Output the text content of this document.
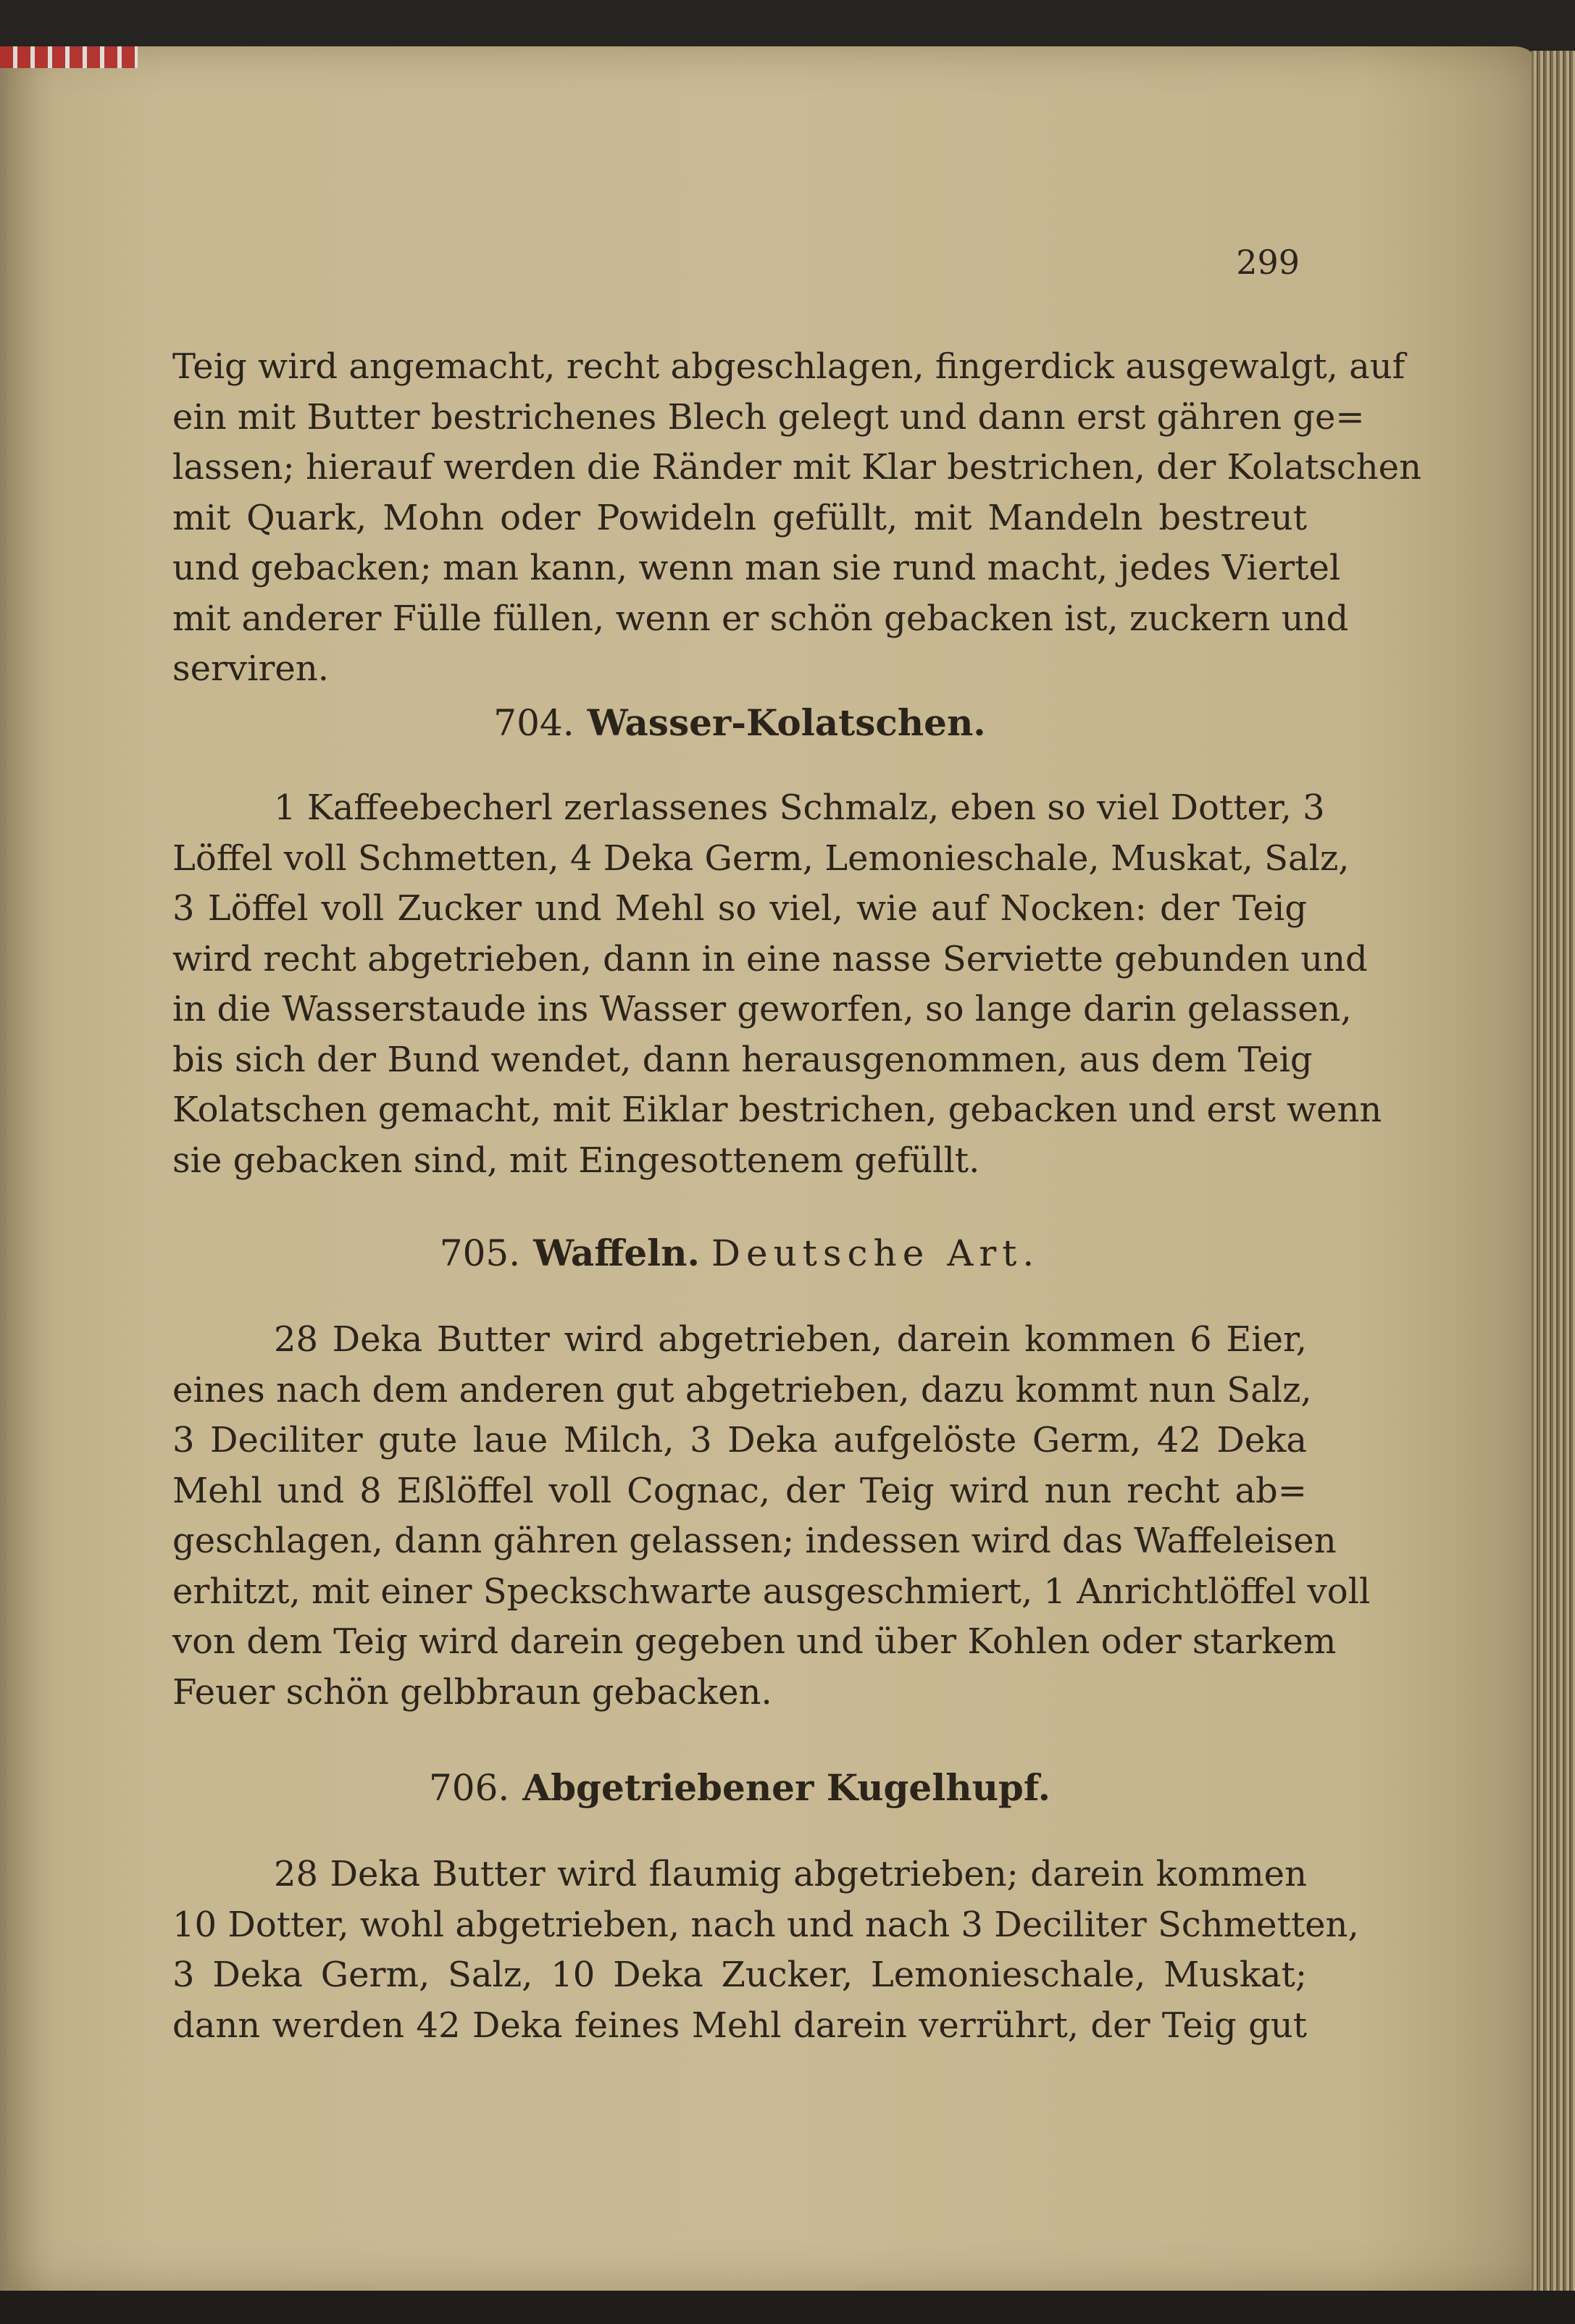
299
Teig wird angemacht, recht abgeschlagen, fingerdick ausgewalgt, auf
ein mit Butter bestrichenes Blech gelegt und dann erst gähren ge=
lassen; hierauf werden die Ränder mit Klar bestrichen, der Kolatschen
mit Quark, Mohn oder Powideln gefüllt, mit Mandeln bestreut
und gebacken; man kann, wenn man sie rund macht, jedes Viertel
mit anderer Fülle füllen, wenn er schön gebacken ist, zuckern und
serviren.
704. Wasser-Kolatschen.
1 Kaffeebecherl zerlassenes Schmalz, eben so viel Dotter, 3
Löffel voll Schmetten, 4 Deka Germ, Lemonieschale, Muskat, Salz,
3 Löffel voll Zucker und Mehl so viel, wie auf Nocken: der Teig
wird recht abgetrieben, dann in eine nasse Serviette gebunden und
in die Wasserstaude ins Wasser geworfen, so lange darin gelassen,
bis sich der Bund wendet, dann herausgenommen, aus dem Teig
Kolatschen gemacht, mit Eiklar bestrichen, gebacken und erst wenn
sie gebacken sind, mit Eingesottenem gefüllt.
705. Waffeln. Deutsche Art.
28 Deka Butter wird abgetrieben, darein kommen 6 Eier,
eines nach dem anderen gut abgetrieben, dazu kommt nun Salz,
3 Deciliter gute laue Milch, 3 Deka aufgelöste Germ, 42 Deka
Mehl und 8 Eßlöffel voll Cognac, der Teig wird nun recht ab=
geschlagen, dann gähren gelassen; indessen wird das Waffeleisen
erhitzt, mit einer Speckschwarte ausgeschmiert, 1 Anrichtlöffel voll
von dem Teig wird darein gegeben und über Kohlen oder starkem
Feuer schön gelbbraun gebacken.
706. Abgetriebener Kugelhupf.
28 Deka Butter wird flaumig abgetrieben; darein kommen
10 Dotter, wohl abgetrieben, nach und nach 3 Deciliter Schmetten,
3 Deka Germ, Salz, 10 Deka Zucker, Lemonieschale, Muskat;
dann werden 42 Deka feines Mehl darein verrührt, der Teig gut
